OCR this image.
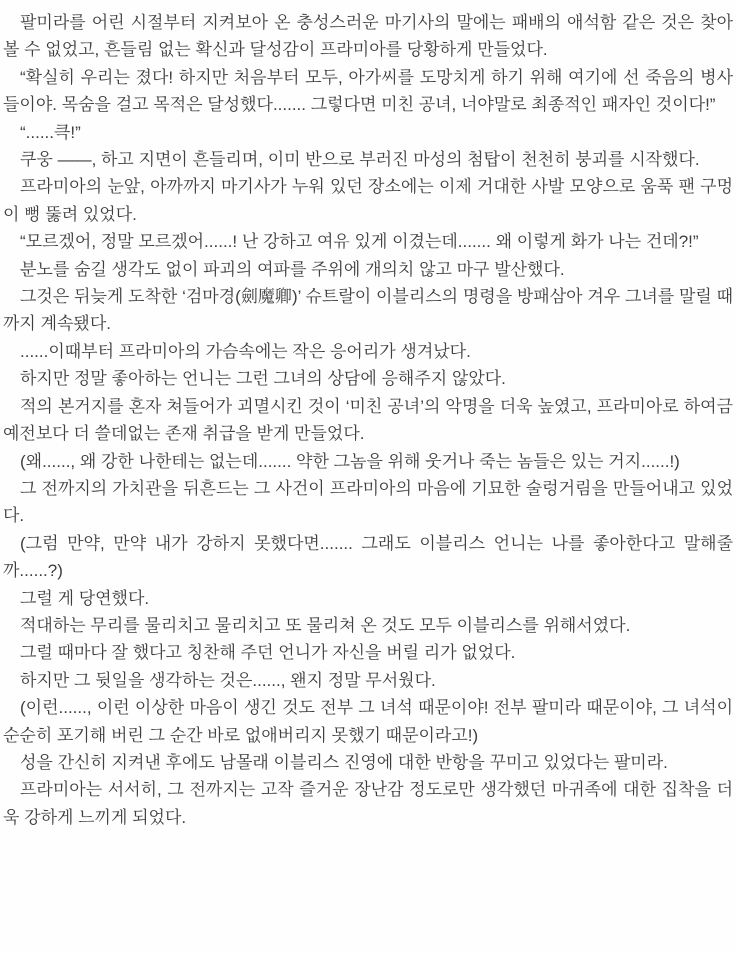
팔미라를 어린 시절부터 지켜보아 온 충성스러운 마기사의 말에는 패배의 애석함 같은 것은 찾아볼 수 없었고, 흔들림 없는 확신과 달성감이 프라미아를 당황하게 만들었다.

“확실히 우리는 졌다! 하지만 처음부터 모두, 아가씨를 도망치게 하기 위해 여기에 선 죽음의 병사들이야. 목숨을 걸고 목적은 달성했다....... 그렇다면 미친 공녀, 너야말로 최종적인 패자인 것이다!”

“......큭!”

쿠웅 ——, 하고 지면이 흔들리며, 이미 반으로 부러진 마성의 첨탑이 천천히 붕괴를 시작했다.

프라미아의 눈앞, 아까까지 마기사가 누워 있던 장소에는 이제 거대한 사발 모양으로 움푹 팬 구멍이 뻥 뚫려 있었다.

“모르겠어, 정말 모르겠어......! 난 강하고 여유 있게 이겼는데....... 왜 이렇게 화가 나는 건데?!”

분노를 숨길 생각도 없이 파괴의 여파를 주위에 개의치 않고 마구 발산했다.

그것은 뒤늦게 도착한 ‘검마경(劍魔卿)’ 슈트랄이 이블리스의 명령을 방패삼아 겨우 그녀를 말릴 때까지 계속됐다.

......이때부터 프라미아의 가슴속에는 작은 응어리가 생겨났다.

하지만 정말 좋아하는 언니는 그런 그녀의 상담에 응해주지 않았다.

적의 본거지를 혼자 쳐들어가 괴멸시킨 것이 ‘미친 공녀’의 악명을 더욱 높였고, 프라미아로 하여금 예전보다 더 쓸데없는 존재 취급을 받게 만들었다.

(왜......, 왜 강한 나한테는 없는데....... 약한 그놈을 위해 웃거나 죽는 놈들은 있는 거지......!)

그 전까지의 가치관을 뒤흔드는 그 사건이 프라미아의 마음에 기묘한 술렁거림을 만들어내고 있었다.

(그럼 만약, 만약 내가 강하지 못했다면....... 그래도 이블리스 언니는 나를 좋아한다고 말해줄까......?)

그럴 게 당연했다.

적대하는 무리를 물리치고 물리치고 또 물리쳐 온 것도 모두 이블리스를 위해서였다.

그럴 때마다 잘 했다고 칭찬해 주던 언니가 자신을 버릴 리가 없었다.

하지만 그 뒷일을 생각하는 것은......, 왠지 정말 무서웠다.

(이런......, 이런 이상한 마음이 생긴 것도 전부 그 녀석 때문이야! 전부 팔미라 때문이야, 그 녀석이 순순히 포기해 버린 그 순간 바로 없애버리지 못했기 때문이라고!)

성을 간신히 지켜낸 후에도 남몰래 이블리스 진영에 대한 반항을 꾸미고 있었다는 팔미라.

프라미아는 서서히, 그 전까지는 고작 즐거운 장난감 정도로만 생각했던 마귀족에 대한 집착을 더욱 강하게 느끼게 되었다.
